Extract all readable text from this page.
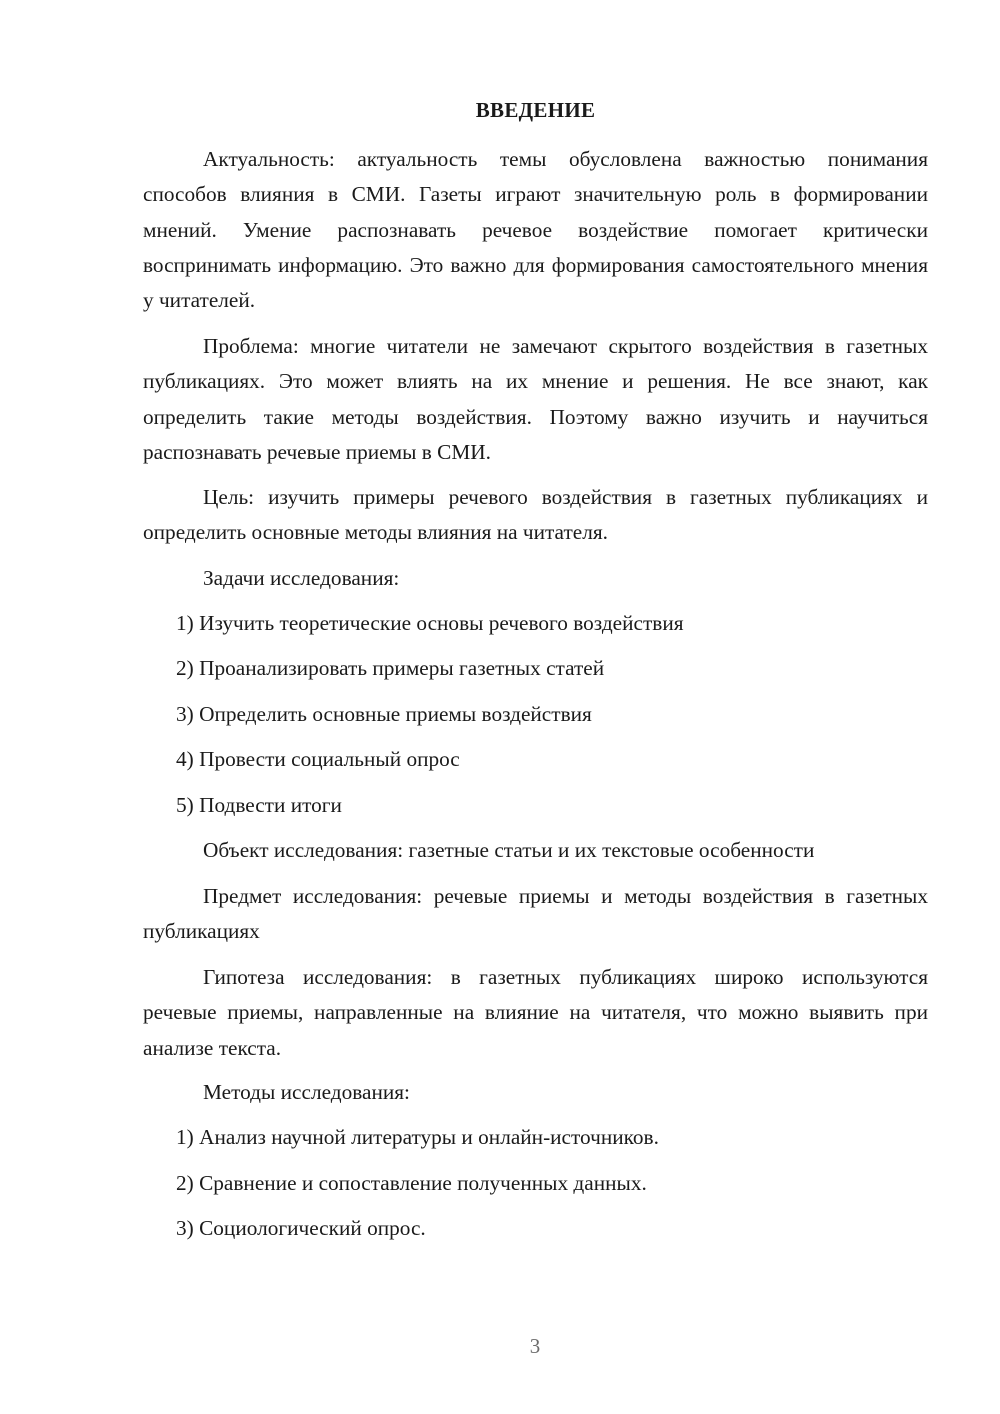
ВВЕДЕНИЕ

Актуальность: актуальность темы обусловлена важностью понимания способов влияния в СМИ. Газеты играют значительную роль в формировании мнений. Умение распознавать речевое воздействие помогает критически воспринимать информацию. Это важно для формирования самостоятельного мнения у читателей.

Проблема: многие читатели не замечают скрытого воздействия в газетных публикациях. Это может влиять на их мнение и решения. Не все знают, как определить такие методы воздействия. Поэтому важно изучить и научиться распознавать речевые приемы в СМИ.

Цель: изучить примеры речевого воздействия в газетных публикациях и определить основные методы влияния на читателя.

Задачи исследования:

1) Изучить теоретические основы речевого воздействия

2) Проанализировать примеры газетных статей

3) Определить основные приемы воздействия

4) Провести социальный опрос

5) Подвести итоги

Объект исследования: газетные статьи и их текстовые особенности

Предмет исследования: речевые приемы и методы воздействия в газетных публикациях

Гипотеза исследования: в газетных публикациях широко используются речевые приемы, направленные на влияние на читателя, что можно выявить при анализе текста.

Методы исследования:

1) Анализ научной литературы и онлайн-источников.

2) Сравнение и сопоставление полученных данных.

3) Социологический опрос.

3
